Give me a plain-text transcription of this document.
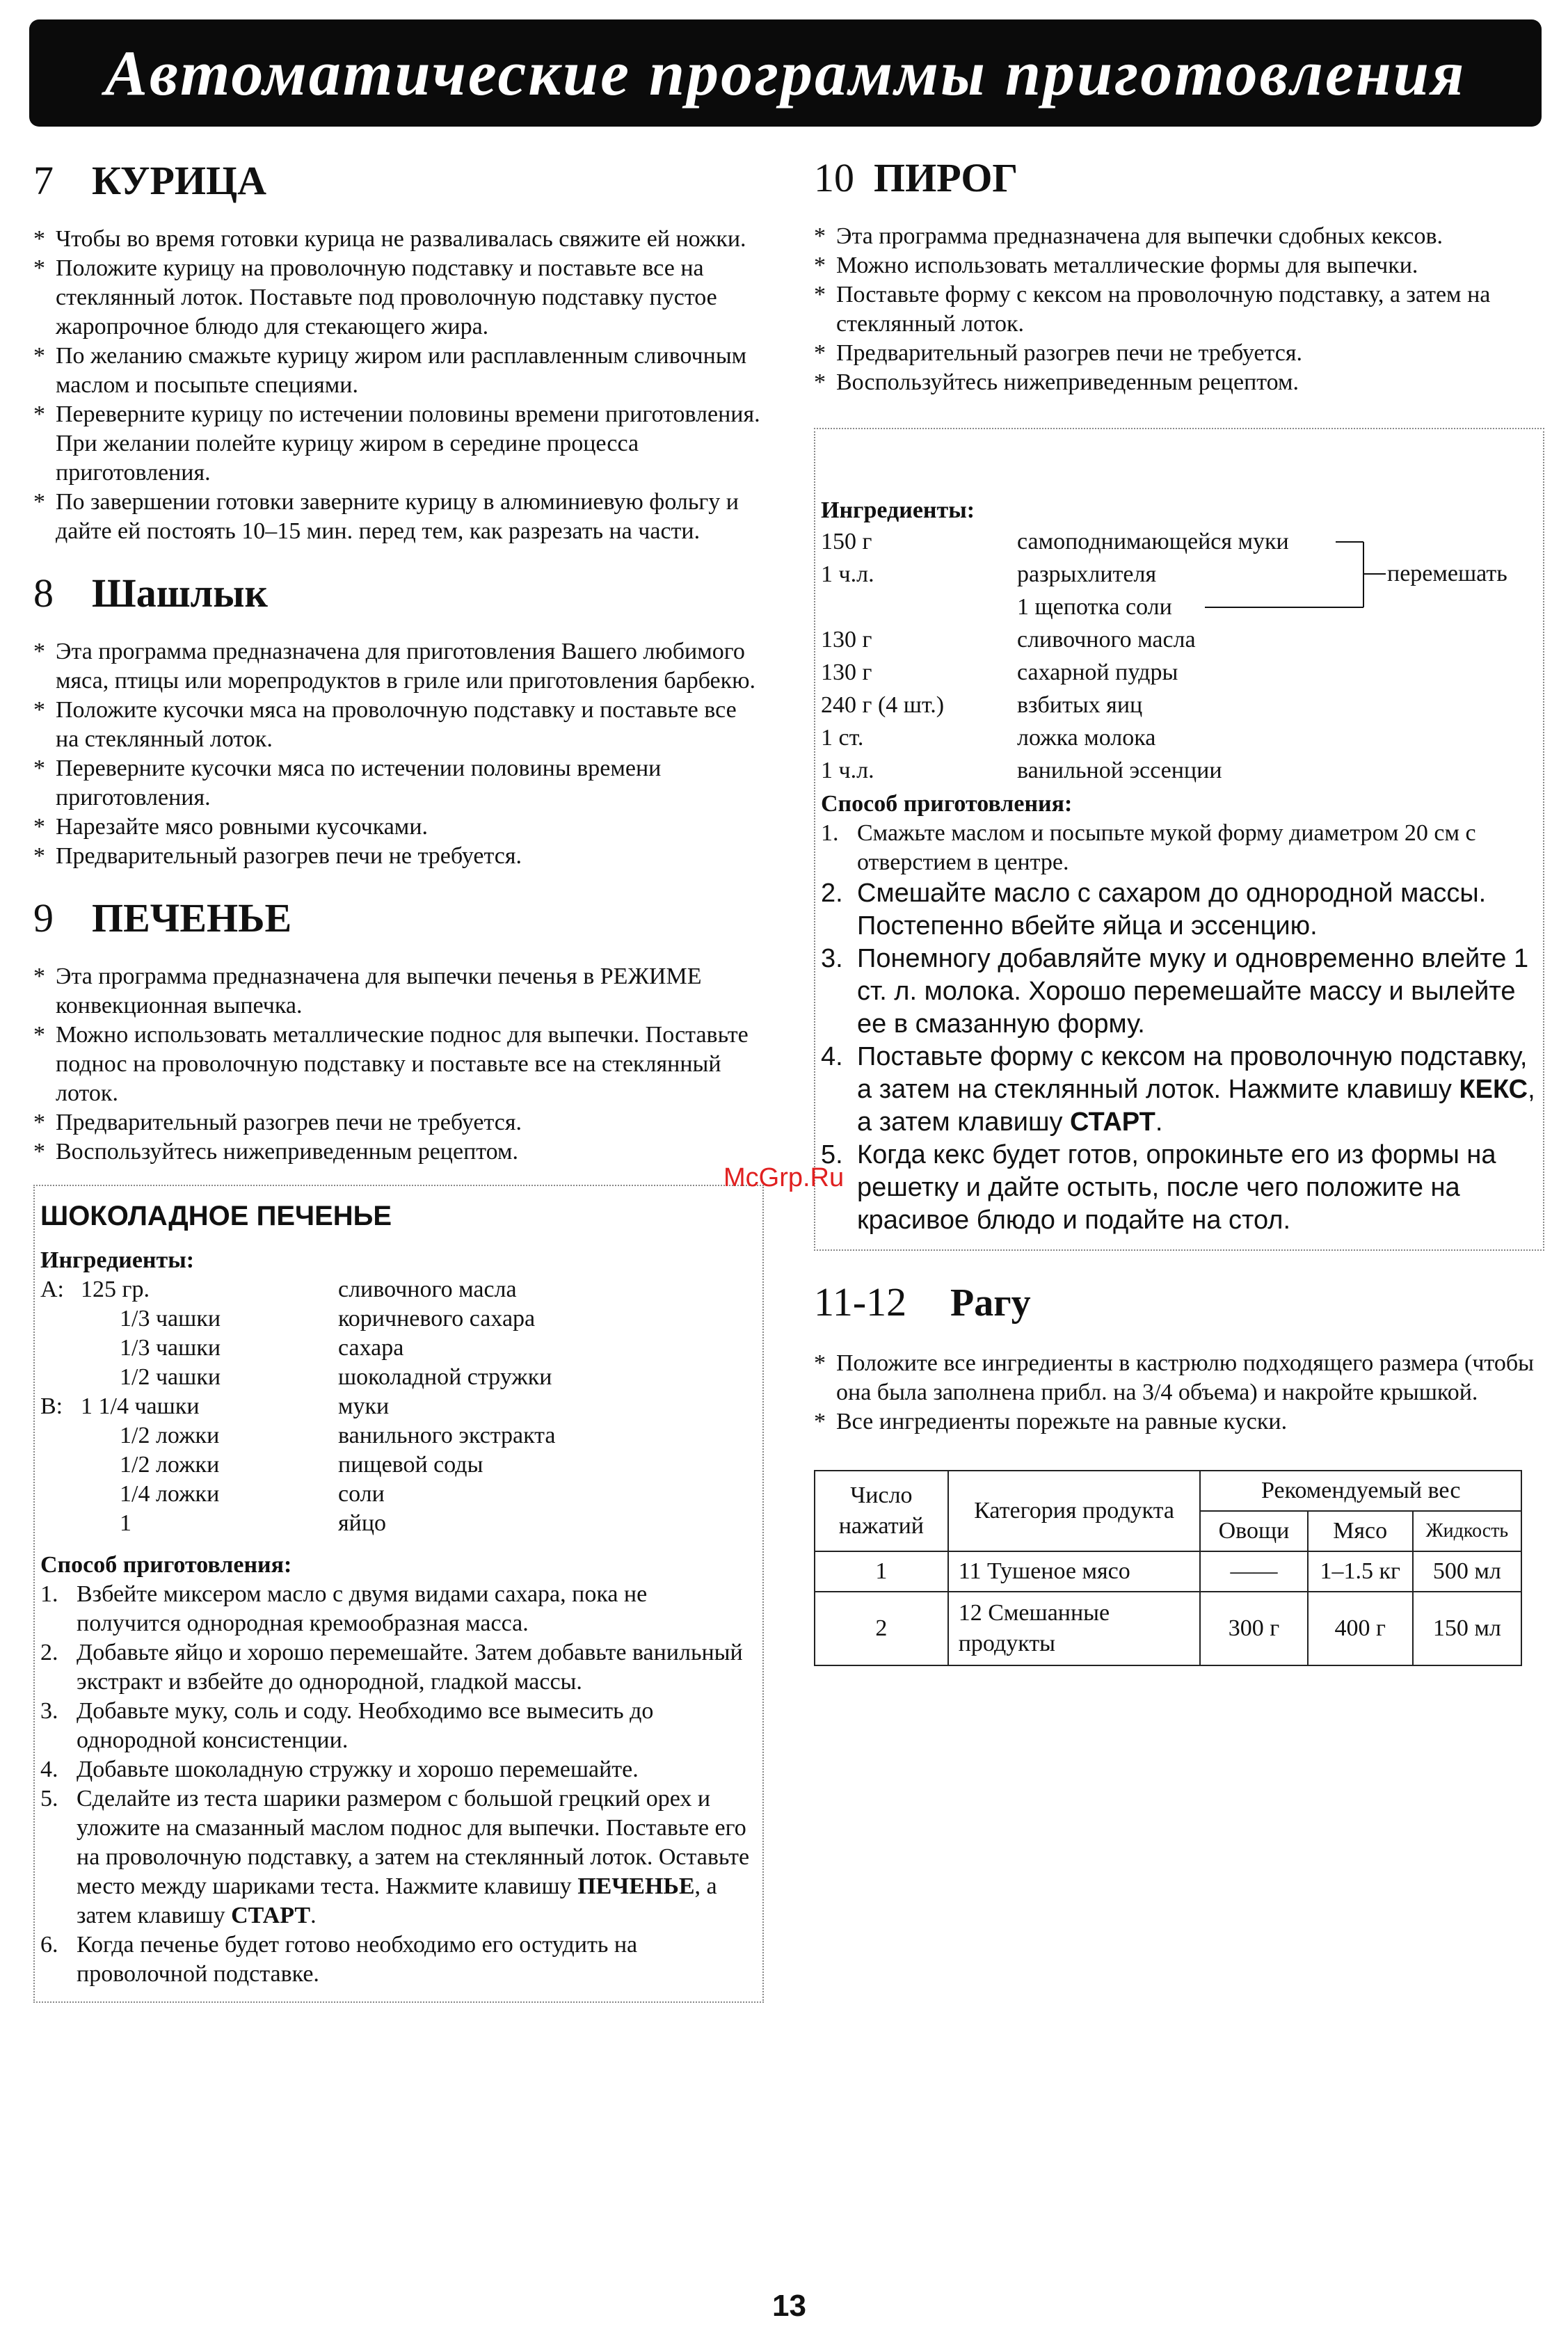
Автоматические программы приготовления
7 КУРИЦА
* Чтобы во время готовки курица не разваливалась свяжите ей ножки.
* Положите курицу на проволочную подставку и поставьте все на стеклянный лоток. Поставьте под проволочную подставку пустое жаропрочное блюдо для стекающего жира.
* По желанию смажьте курицу жиром или расплавленным сливочным маслом и посыпьте специями.
* Переверните курицу по истечении половины времени приготовления. При желании полейте курицу жиром в середине процесса приготовления.
* По завершении готовки заверните курицу в алюминиевую фольгу и дайте ей постоять 10–15 мин. перед тем, как разрезать на части.
8 Шашлык
* Эта программа предназначена для приготовления Вашего любимого мяса, птицы или морепродуктов в гриле или приготовления барбекю.
* Положите кусочки мяса на проволочную подставку и поставьте все на стеклянный лоток.
* Переверните кусочки мяса по истечении половины времени приготовления.
* Нарезайте мясо ровными кусочками.
* Предварительный разогрев печи не требуется.
9 ПЕЧЕНЬЕ
* Эта программа предназначена для выпечки печенья в РЕЖИМЕ конвекционная выпечка.
* Можно использовать металлические поднос для выпечки. Поставьте поднос на проволочную подставку и поставьте все на стеклянный лоток.
* Предварительный разогрев печи не требуется.
* Воспользуйтесь нижеприведенным рецептом.
ШОКОЛАДНОЕ ПЕЧЕНЬЕ
Ингредиенты:
A: 125 гр.	сливочного масла
1/3 чашки	коричневого сахара
1/3 чашки	сахара
1/2 чашки	шоколадной стружки
B: 1 1/4 чашки	муки
1/2 ложки	ванильного экстракта
1/2 ложки	пищевой соды
1/4 ложки	соли
1	яйцо
Способ приготовления:
1. Взбейте миксером масло с двумя видами сахара, пока не получится однородная кремообразная масса.
2. Добавьте яйцо и хорошо перемешайте. Затем добавьте ванильный экстракт и взбейте до однородной, гладкой массы.
3. Добавьте муку, соль и соду. Необходимо все вымесить до однородной консистенции.
4. Добавьте шоколадную стружку и хорошо перемешайте.
5. Сделайте из теста шарики размером с большой грецкий орех и уложите на смазанный маслом поднос для выпечки. Поставьте его на проволочную подставку, а затем на стеклянный лоток. Оставьте место между шариками теста. Нажмите клавишу ПЕЧЕНЬЕ, а затем клавишу СТАРТ.
6. Когда печенье будет готово необходимо его остудить на проволочной подставке.
10 ПИРОГ
* Эта программа предназначена для выпечки сдобных кексов.
* Можно использовать металлические формы для выпечки.
* Поставьте форму с кексом на проволочную подставку, а затем на стеклянный лоток.
* Предварительный разогрев печи не требуется.
* Воспользуйтесь нижеприведенным рецептом.
Ингредиенты:
150 г	самоподнимающейся муки
1 ч.л.	разрыхлителя
1 щепотка соли
130 г	сливочного масла
130 г	сахарной пудры
240 г (4 шт.)	взбитых яиц
1 ст.	ложка молока
1 ч.л.	ванильной эссенции
перемешать
Способ приготовления:
1. Смажьте маслом и посыпьте мукой форму диаметром 20 см с отверстием в центре.
2. Смешайте масло с сахаром до однородной массы. Постепенно вбейте яйца и эссенцию.
3. Понемногу добавляйте муку и одновременно влейте 1 ст. л. молока. Хорошо перемешайте массу и вылейте ее в смазанную форму.
4. Поставьте форму с кексом на проволочную подставку, а затем на стеклянный лоток. Нажмите клавишу КЕКС, а затем клавишу СТАРТ.
5. Когда кекс будет готов, опрокиньте его из формы на решетку и дайте остыть, после чего положите на красивое блюдо и подайте на стол.
11-12	Рагу
* Положите все ингредиенты в кастрюлю подходящего размера (чтобы она была заполнена прибл. на 3/4 объема) и накройте крышкой.
* Все ингредиенты порежьте на равные куски.
Число нажатий	Категория продукта	Рекомендуемый вес		
		Овощи	Мясо	Жидкость
1	11 Тушеное мясо	——	1–1.5 кг	500 мл
2	12 Смешанные продукты	300 г	400 г	150 мл
McGrp.Ru
13
